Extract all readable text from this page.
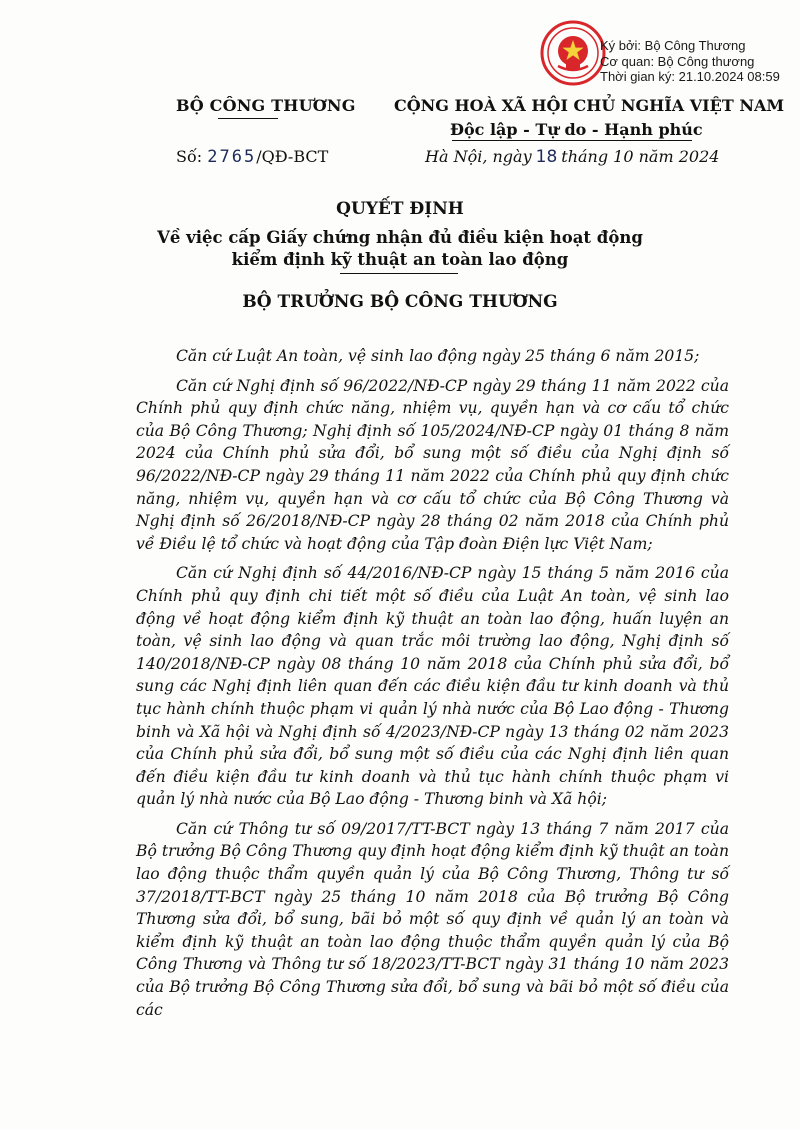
Ký bởi: Bộ Công Thương
Cơ quan: Bộ Công thương
Thời gian ký: 21.10.2024 08:59
BỘ CÔNG THƯƠNG CỘNG HOÀ XÃ HỘI CHỦ NGHĨA VIỆT NAM
Độc lập - Tự do - Hạnh phúc
Số: 2765/QĐ-BCT	Hà Nội, ngày 18 tháng 10 năm 2024
QUYẾT ĐỊNH
Về việc cấp Giấy chứng nhận đủ điều kiện hoạt động
kiểm định kỹ thuật an toàn lao động
BỘ TRƯỞNG BỘ CÔNG THƯƠNG

Căn cứ Luật An toàn, vệ sinh lao động ngày 25 tháng 6 năm 2015;

Căn cứ Nghị định số 96/2022/NĐ-CP ngày 29 tháng 11 năm 2022 của Chính phủ quy định chức năng, nhiệm vụ, quyền hạn và cơ cấu tổ chức của Bộ Công Thương; Nghị định số 105/2024/NĐ-CP ngày 01 tháng 8 năm 2024 của Chính phủ sửa đổi, bổ sung một số điều của Nghị định số 96/2022/NĐ-CP ngày 29 tháng 11 năm 2022 của Chính phủ quy định chức năng, nhiệm vụ, quyền hạn và cơ cấu tổ chức của Bộ Công Thương và Nghị định số 26/2018/NĐ-CP ngày 28 tháng 02 năm 2018 của Chính phủ về Điều lệ tổ chức và hoạt động của Tập đoàn Điện lực Việt Nam;

Căn cứ Nghị định số 44/2016/NĐ-CP ngày 15 tháng 5 năm 2016 của Chính phủ quy định chi tiết một số điều của Luật An toàn, vệ sinh lao động về hoạt động kiểm định kỹ thuật an toàn lao động, huấn luyện an toàn, vệ sinh lao động và quan trắc môi trường lao động, Nghị định số 140/2018/NĐ-CP ngày 08 tháng 10 năm 2018 của Chính phủ sửa đổi, bổ sung các Nghị định liên quan đến các điều kiện đầu tư kinh doanh và thủ tục hành chính thuộc phạm vi quản lý nhà nước của Bộ Lao động - Thương binh và Xã hội và Nghị định số 4/2023/NĐ-CP ngày 13 tháng 02 năm 2023 của Chính phủ sửa đổi, bổ sung một số điều của các Nghị định liên quan đến điều kiện đầu tư kinh doanh và thủ tục hành chính thuộc phạm vi quản lý nhà nước của Bộ Lao động - Thương binh và Xã hội;

Căn cứ Thông tư số 09/2017/TT-BCT ngày 13 tháng 7 năm 2017 của Bộ trưởng Bộ Công Thương quy định hoạt động kiểm định kỹ thuật an toàn lao động thuộc thẩm quyền quản lý của Bộ Công Thương, Thông tư số 37/2018/TT-BCT ngày 25 tháng 10 năm 2018 của Bộ trưởng Bộ Công Thương sửa đổi, bổ sung, bãi bỏ một số quy định về quản lý an toàn và kiểm định kỹ thuật an toàn lao động thuộc thẩm quyền quản lý của Bộ Công Thương và Thông tư số 18/2023/TT-BCT ngày 31 tháng 10 năm 2023 của Bộ trưởng Bộ Công Thương sửa đổi, bổ sung và bãi bỏ một số điều của các
